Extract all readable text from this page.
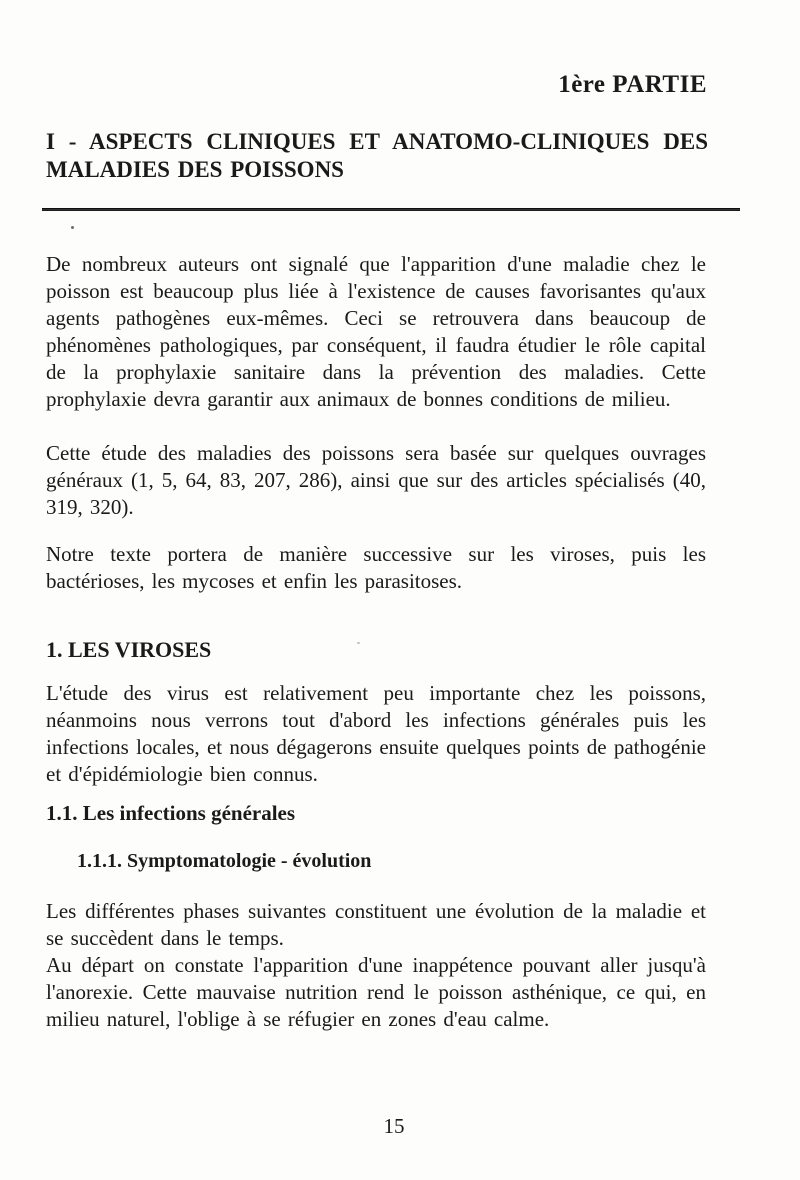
1ère PARTIE
I - ASPECTS CLINIQUES ET ANATOMO-CLINIQUES DES
MALADIES DES POISSONS
De nombreux auteurs ont signalé que l'apparition d'une maladie chez le poisson est beaucoup plus liée à l'existence de causes favorisantes qu'aux agents pathogènes eux-mêmes. Ceci se retrouvera dans beaucoup de phénomènes pathologiques, par conséquent, il faudra étudier le rôle capital de la prophylaxie sanitaire dans la prévention des maladies. Cette prophylaxie devra garantir aux animaux de bonnes conditions de milieu.
Cette étude des maladies des poissons sera basée sur quelques ouvrages généraux (1, 5, 64, 83, 207, 286), ainsi que sur des articles spécialisés (40, 319, 320).
Notre texte portera de manière successive sur les viroses, puis les bactérioses, les mycoses et enfin les parasitoses.
1. LES VIROSES
L'étude des virus est relativement peu importante chez les poissons, néanmoins nous verrons tout d'abord les infections générales puis les infections locales, et nous dégagerons ensuite quelques points de pathogénie et d'épidémiologie bien connus.
1.1. Les infections générales
1.1.1. Symptomatologie - évolution
Les différentes phases suivantes constituent une évolution de la maladie et se succèdent dans le temps.
Au départ on constate l'apparition d'une inappétence pouvant aller jusqu'à l'anorexie. Cette mauvaise nutrition rend le poisson asthénique, ce qui, en milieu naturel, l'oblige à se réfugier en zones d'eau calme.
15
